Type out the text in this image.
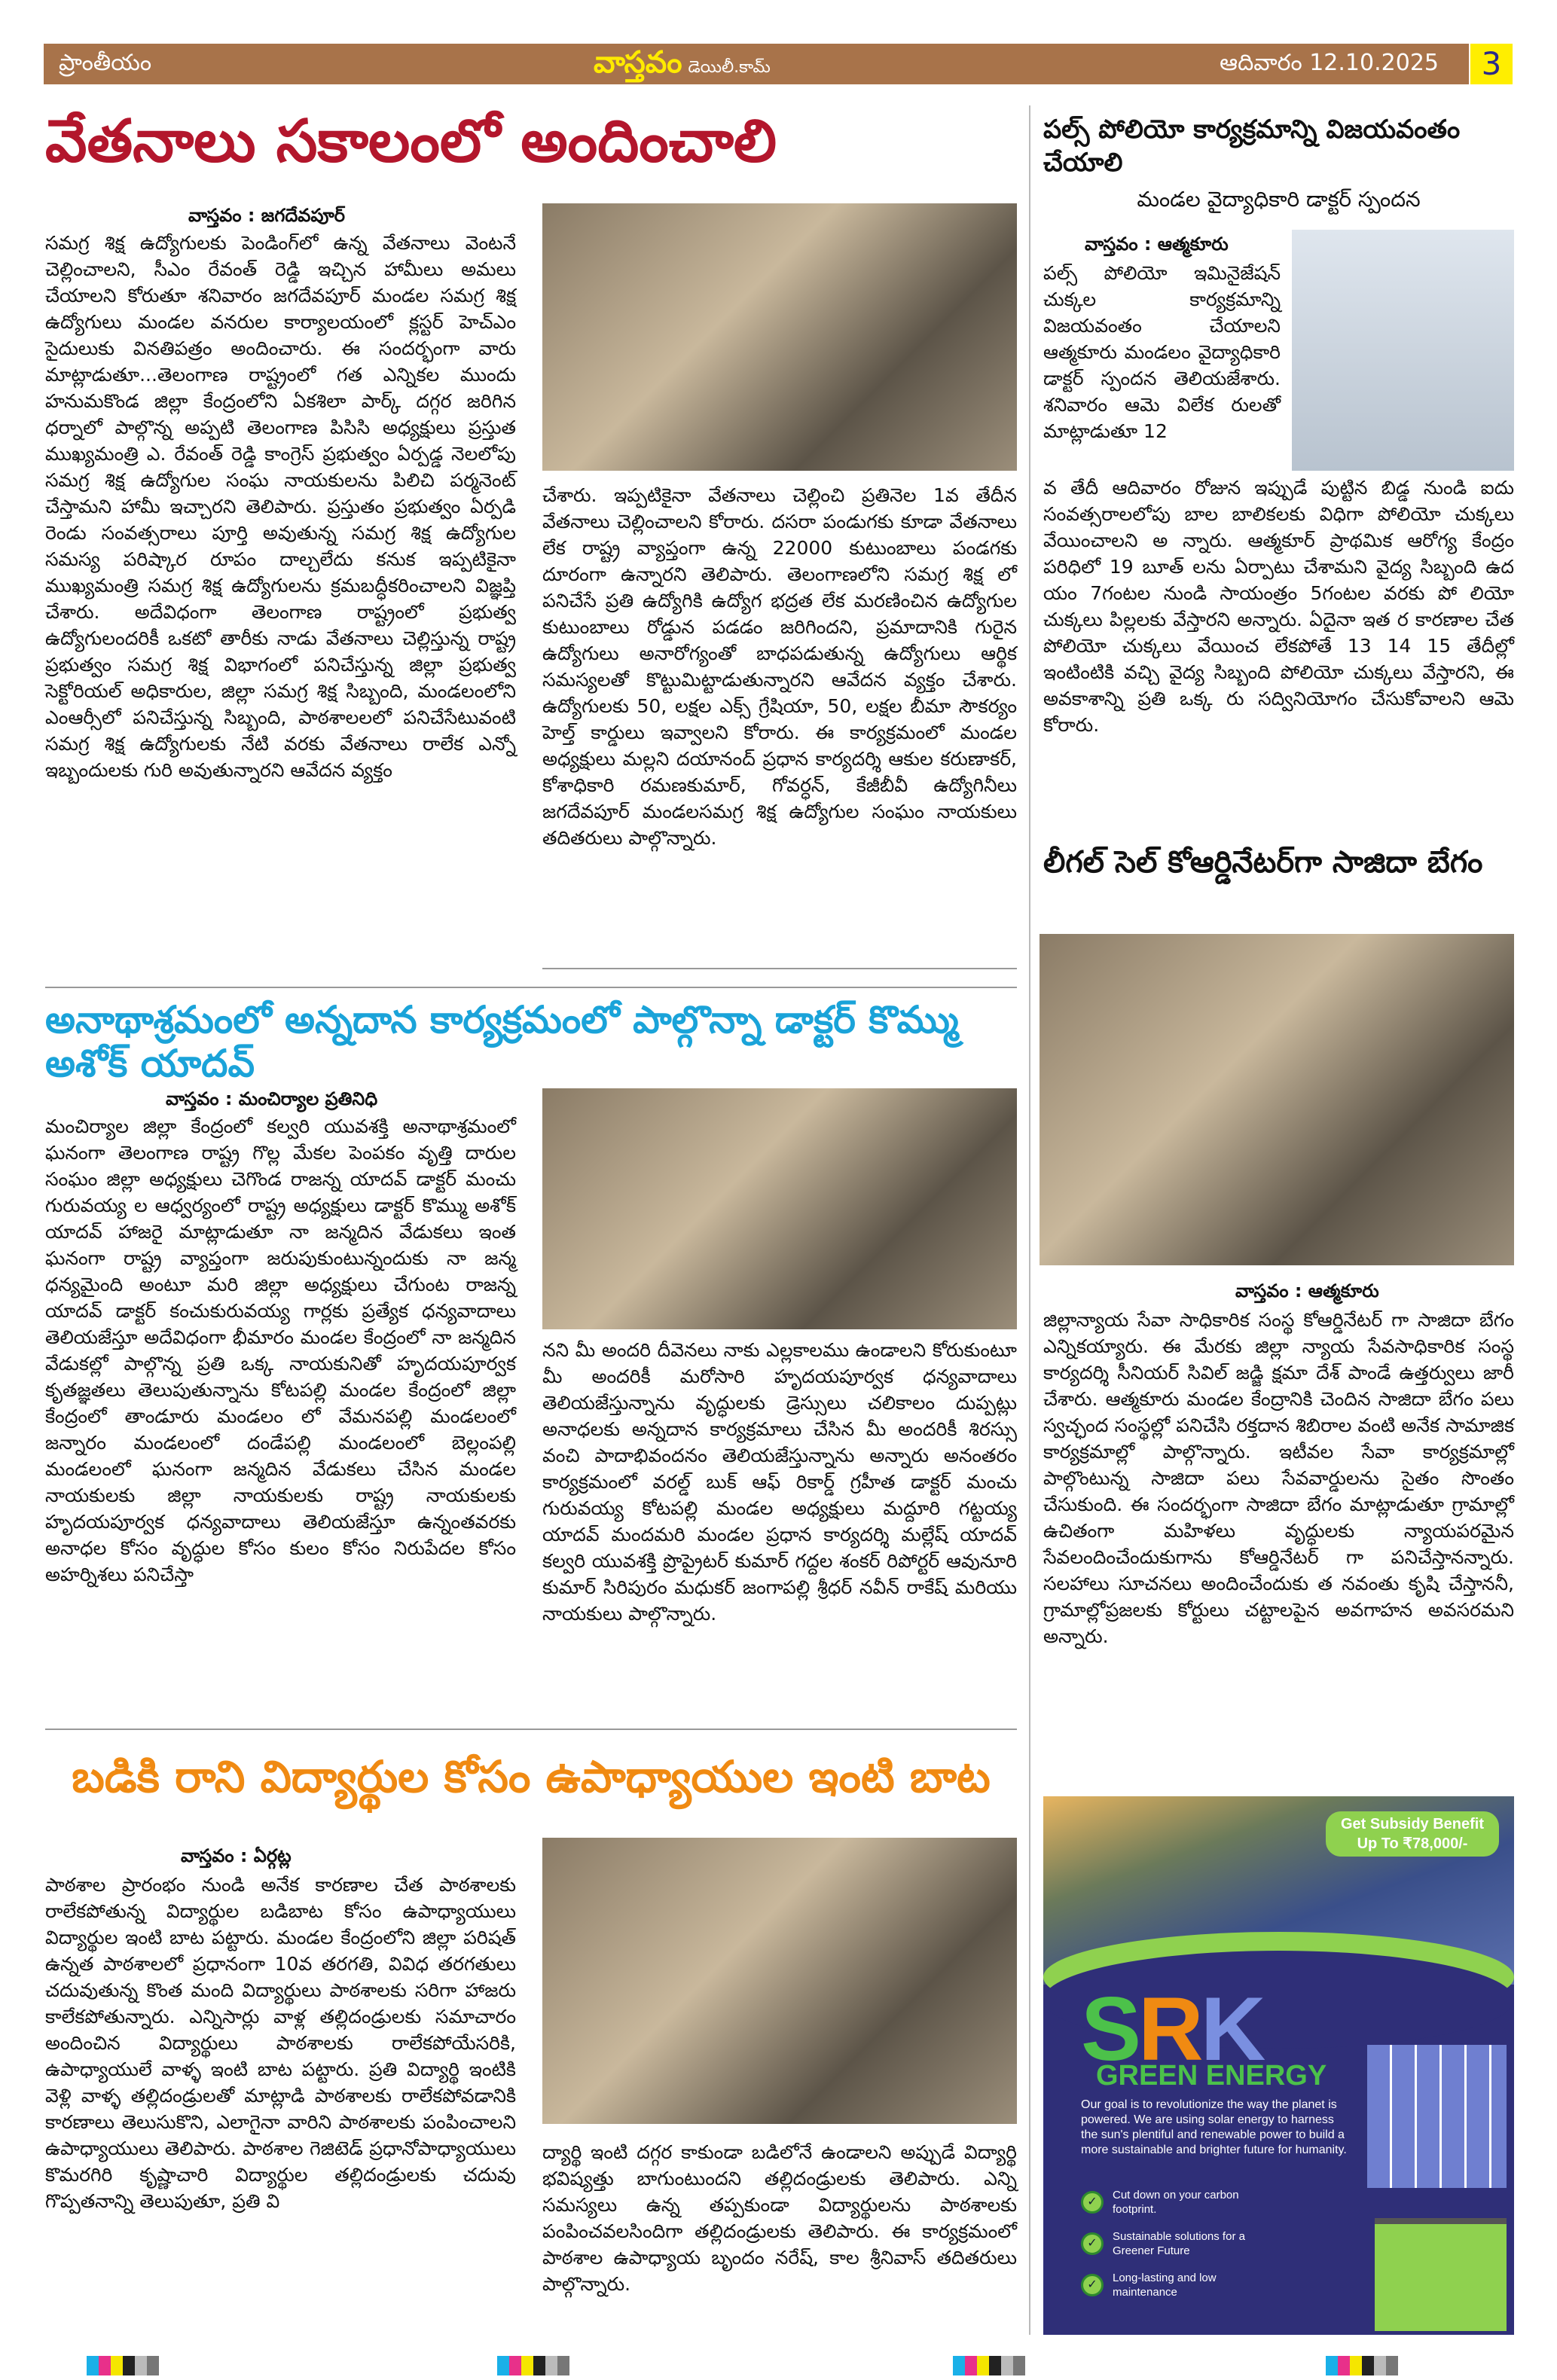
ప్రాంతీయం	వాస్తవం డెయిలీ.కామ్	ఆదివారం 12.10.2025	3
వేతనాలు సకాలంలో అందించాలి
వాస్తవం : జగదేవపూర్
సమగ్ర శిక్ష ఉద్యోగులకు పెండింగ్‌లో ఉన్న వేతనాలు వెంటనే చెల్లించాలని, సీఎం రేవంత్ రెడ్డి ఇచ్చిన హామీలు అమలు చేయాలని కోరుతూ శనివారం జగదేవపూర్ మండల సమగ్ర శిక్ష ఉద్యోగులు మండల వనరుల కార్యాలయంలో క్లస్టర్ హెచ్ఎం సైదులుకు వినతిపత్రం అందించారు. ఈ సందర్భంగా వారు మాట్లాడుతూ...తెలంగాణ రాష్ట్రంలో గత ఎన్నికల ముందు హనుమకొండ జిల్లా కేంద్రంలోని ఏకశిలా పార్క్ దగ్గర జరిగిన ధర్నాలో పాల్గొన్న అప్పటి తెలంగాణ పిసిసి అధ్యక్షులు ప్రస్తుత ముఖ్యమంత్రి ఎ. రేవంత్ రెడ్డి కాంగ్రెస్ ప్రభుత్వం ఏర్పడ్డ నెలలోపు సమగ్ర శిక్ష ఉద్యోగుల సంఘ నాయకులను పిలిచి పర్మనెంట్ చేస్తామని హామీ ఇచ్చారని తెలిపారు. ప్రస్తుతం ప్రభుత్వం ఏర్పడి రెండు సంవత్సరాలు పూర్తి అవుతున్న సమగ్ర శిక్ష ఉద్యోగుల సమస్య పరిష్కార రూపం దాల్చలేదు కనుక ఇప్పటికైనా ముఖ్యమంత్రి సమగ్ర శిక్ష ఉద్యోగులను క్రమబద్ధీకరించాలని విజ్ఞప్తి చేశారు. అదేవిధంగా తెలంగాణ రాష్ట్రంలో ప్రభుత్వ ఉద్యోగులందరికీ ఒకటో తారీకు నాడు వేతనాలు చెల్లిస్తున్న రాష్ట్ర ప్రభుత్వం సమగ్ర శిక్ష విభాగంలో పనిచేస్తున్న జిల్లా ప్రభుత్వ సెక్టోరియల్ అధికారుల, జిల్లా సమగ్ర శిక్ష సిబ్బంది, మండలంలోని ఎంఆర్సీలో పనిచేస్తున్న సిబ్బంది, పాఠశాలలలో పనిచేసేటువంటి సమగ్ర శిక్ష ఉద్యోగులకు నేటి వరకు వేతనాలు రాలేక ఎన్నో ఇబ్బందులకు గురి అవుతున్నారని ఆవేదన వ్యక్తం
చేశారు. ఇప్పటికైనా వేతనాలు చెల్లించి ప్రతినెల 1వ తేదీన వేతనాలు చెల్లించాలని కోరారు. దసరా పండుగకు కూడా వేతనాలు లేక రాష్ట్ర వ్యాప్తంగా ఉన్న 22000 కుటుంబాలు పండగకు దూరంగా ఉన్నారని తెలిపారు. తెలంగాణలోని సమగ్ర శిక్ష లో పనిచేసే ప్రతి ఉద్యోగికి ఉద్యోగ భద్రత లేక మరణించిన ఉద్యోగుల కుటుంబాలు రోడ్డున పడడం జరిగిందని, ప్రమాదానికి గురైన ఉద్యోగులు అనారోగ్యంతో బాధపడుతున్న ఉద్యోగులు ఆర్థిక సమస్యలతో కొట్టుమిట్టాడుతున్నారని ఆవేదన వ్యక్తం చేశారు. ఉద్యోగులకు 50, లక్షల ఎక్స్ గ్రేషియా, 50, లక్షల బీమా సౌకర్యం హెల్త్ కార్డులు ఇవ్వాలని కోరారు. ఈ కార్యక్రమంలో మండల అధ్యక్షులు మల్లని దయానంద్ ప్రధాన కార్యదర్శి ఆకుల కరుణాకర్, కోశాధికారి రమణకుమార్, గోవర్ధన్, కేజీబీవీ ఉద్యోగినీలు జగదేవపూర్ మండలసమగ్ర శిక్ష ఉద్యోగుల సంఘం నాయకులు తదితరులు పాల్గొన్నారు.
పల్స్ పోలియో కార్యక్రమాన్ని విజయవంతం చేయాలి
మండల వైద్యాధికారి డాక్టర్ స్పందన
వాస్తవం : ఆత్మకూరు
పల్స్ పోలియో ఇమినైజేషన్ చుక్కల కార్యక్రమాన్ని విజయవంతం చేయాలని ఆత్మకూరు మండలం వైద్యాధికారి డాక్టర్ స్పందన తెలియజేశారు. శనివారం ఆమె విలేక రులతో మాట్లాడుతూ 12
వ తేదీ ఆదివారం రోజున ఇప్పుడే పుట్టిన బిడ్డ నుండి ఐదు సంవత్సరాలలోపు బాల బాలికలకు విధిగా పోలియో చుక్కలు వేయించాలని అ న్నారు. ఆత్మకూర్ ప్రాథమిక ఆరోగ్య కేంద్రం పరిధిలో 19 బూత్ లను ఏర్పాటు చేశామని వైద్య సిబ్బంది ఉద యం 7గంటల నుండి సాయంత్రం 5గంటల వరకు పో లియో చుక్కలు పిల్లలకు వేస్తారని అన్నారు. ఏదైనా ఇత ర కారణాల చేత పోలియో చుక్కలు వేయించ లేకపోతే 13 14 15 తేదీల్లో ఇంటింటికి వచ్చి వైద్య సిబ్బంది పోలియో చుక్కలు వేస్తారని, ఈ అవకాశాన్ని ప్రతి ఒక్క రు సద్వినియోగం చేసుకోవాలని ఆమె కోరారు.
లీగల్ సెల్ కోఆర్డినేటర్‌గా సాజిదా బేగం
వాస్తవం : ఆత్మకూరు
జిల్లాన్యాయ సేవా సాధికారిక సంస్థ కోఆర్డినేటర్ గా సాజిదా బేగం ఎన్నికయ్యారు. ఈ మేరకు జిల్లా న్యాయ సేవసాధికారిక సంస్థ కార్యదర్శి సీనియర్ సివిల్ జడ్జి క్షమా దేశ్ పాండే ఉత్తర్వులు జారీ చేశారు. ఆత్మకూరు మండల కేంద్రానికి చెందిన సాజిదా బేగం పలు స్వచ్ఛంద సంస్థల్లో పనిచేసి రక్తదాన శిబిరాల వంటి అనేక సామాజిక కార్యక్రమాల్లో పాల్గొన్నారు. ఇటీవల సేవా కార్యక్రమాల్లో పాల్గొంటున్న సాజిదా పలు సేవవార్డులను సైతం సొంతం చేసుకుంది. ఈ సందర్భంగా సాజిదా బేగం మాట్లాడుతూ గ్రామాల్లో ఉచితంగా మహిళలు వృద్ధులకు న్యాయపరమైన సేవలందించేందుకుగాను కోఆర్డినేటర్ గా పనిచేస్తానన్నారు. సలహాలు సూచనలు అందించేందుకు త నవంతు కృషి చేస్తాననీ, గ్రామాల్లోప్రజలకు కోర్టులు చట్టాలపైన అవగాహన అవసరమని అన్నారు.
అనాథాశ్రమంలో అన్నదాన కార్యక్రమంలో పాల్గొన్నా డాక్టర్ కొమ్ము అశోక్ యాదవ్
వాస్తవం : మంచిర్యాల ప్రతినిధి
మంచిర్యాల జిల్లా కేంద్రంలో కల్వరి యువశక్తి అనాథాశ్రమంలో ఘనంగా తెలంగాణ రాష్ట్ర గొల్ల మేకల పెంపకం వృత్తి దారుల సంఘం జిల్లా అధ్యక్షులు చెగొండ రాజన్న యాదవ్ డాక్టర్ మంచు గురువయ్య ల ఆధ్వర్యంలో రాష్ట్ర అధ్యక్షులు డాక్టర్ కొమ్ము అశోక్ యాదవ్ హాజరై మాట్లాడుతూ నా జన్మదిన వేడుకలు ఇంత ఘనంగా రాష్ట్ర వ్యాప్తంగా జరుపుకుంటున్నందుకు నా జన్మ ధన్యమైంది అంటూ మరి జిల్లా అధ్యక్షులు చేగుంట రాజన్న యాదవ్ డాక్టర్ కంచుకురువయ్య గార్లకు ప్రత్యేక ధన్యవాదాలు తెలియజేస్తూ అదేవిధంగా భీమారం మండల కేంద్రంలో నా జన్మదిన వేడుకల్లో పాల్గొన్న ప్రతి ఒక్క నాయకునితో హృదయపూర్వక కృతజ్ఞతలు తెలుపుతున్నాను కోటపల్లి మండల కేంద్రంలో జిల్లా కేంద్రంలో తాండూరు మండలం లో వేమనపల్లి మండలంలో జన్నారం మండలంలో దండేపల్లి మండలంలో బెల్లంపల్లి మండలంలో ఘనంగా జన్మదిన వేడుకలు చేసిన మండల నాయకులకు జిల్లా నాయకులకు రాష్ట్ర నాయకులకు హృదయపూర్వక ధన్యవాదాలు తెలియజేస్తూ ఉన్నంతవరకు అనాధల కోసం వృద్ధుల కోసం కులం కోసం నిరుపేదల కోసం అహర్నిశలు పనిచేస్తా
నని మీ అందరి దీవెనలు నాకు ఎల్లకాలము ఉండాలని కోరుకుంటూ మీ అందరికీ మరోసారి హృదయపూర్వక ధన్యవాదాలు తెలియజేస్తున్నాను వృద్ధులకు డ్రెస్సులు చలికాలం దుప్పట్లు అనాధలకు అన్నదాన కార్యక్రమాలు చేసిన మీ అందరికీ శిరస్సు వంచి పాదాభివందనం తెలియజేస్తున్నాను అన్నారు అనంతరం కార్యక్రమంలో వరల్డ్ బుక్ ఆఫ్ రికార్డ్ గ్రహీత డాక్టర్ మంచు గురువయ్య కోటపల్లి మండల అధ్యక్షులు మద్దూరి గట్టయ్య యాదవ్ మందమరి మండల ప్రధాన కార్యదర్శి మల్లేష్ యాదవ్ కల్వరి యువశక్తి ప్రొప్రైటర్ కుమార్ గద్దల శంకర్ రిపోర్టర్ ఆవునూరి కుమార్ సిరిపురం మధుకర్ జంగాపల్లి శ్రీధర్ నవీన్ రాకేష్ మరియు నాయకులు పాల్గొన్నారు.
బడికి రాని విద్యార్థుల కోసం ఉపాధ్యాయుల ఇంటి బాట
వాస్తవం : ఏర్గట్ల
పాఠశాల ప్రారంభం నుండి అనేక కారణాల చేత పాఠశాలకు రాలేకపోతున్న విద్యార్థుల బడిబాట కోసం ఉపాధ్యాయులు విద్యార్థుల ఇంటి బాట పట్టారు. మండల కేంద్రంలోని జిల్లా పరిషత్ ఉన్నత పాఠశాలలో ప్రధానంగా 10వ తరగతి, వివిధ తరగతులు చదువుతున్న కొంత మంది విద్యార్థులు పాఠశాలకు సరిగా హాజరు కాలేకపోతున్నారు. ఎన్నిసార్లు వాళ్ల తల్లిదండ్రులకు సమాచారం అందించిన విద్యార్థులు పాఠశాలకు రాలేకపోయేసరికి, ఉపాధ్యాయులే వాళ్ళ ఇంటి బాట పట్టారు. ప్రతి విద్యార్థి ఇంటికి వెళ్లి వాళ్ళ తల్లిదండ్రులతో మాట్లాడి పాఠశాలకు రాలేకపోవడానికి కారణాలు తెలుసుకొని, ఎలాగైనా వారిని పాఠశాలకు పంపించాలని ఉపాధ్యాయులు తెలిపారు. పాఠశాల గెజిటెడ్ ప్రధానోపాధ్యాయులు కొమరగిరి కృష్ణాచారి విద్యార్థుల తల్లిదండ్రులకు చదువు గొప్పతనాన్ని తెలుపుతూ, ప్రతి వి
ద్యార్థి ఇంటి దగ్గర కాకుండా బడిలోనే ఉండాలని అప్పుడే విద్యార్థి భవిష్యత్తు బాగుంటుందని తల్లిదండ్రులకు తెలిపారు. ఎన్ని సమస్యలు ఉన్న తప్పకుండా విద్యార్థులను పాఠశాలకు పంపించవలసిందిగా తల్లిదండ్రులకు తెలిపారు. ఈ కార్యక్రమంలో పాఠశాల ఉపాధ్యాయ బృందం నరేష్, కాల శ్రీనివాస్ తదితరులు పాల్గొన్నారు.
Get Subsidy Benefit
Up To ₹78,000/-
SRK
GREEN ENERGY
Our goal is to revolutionize the way the planet is powered. We are using solar energy to harness the sun's plentiful and renewable power to build a more sustainable and brighter future for humanity.
✓
Cut down on your carbon footprint.
✓
Sustainable solutions for a Greener Future
✓
Long-lasting and low maintenance
